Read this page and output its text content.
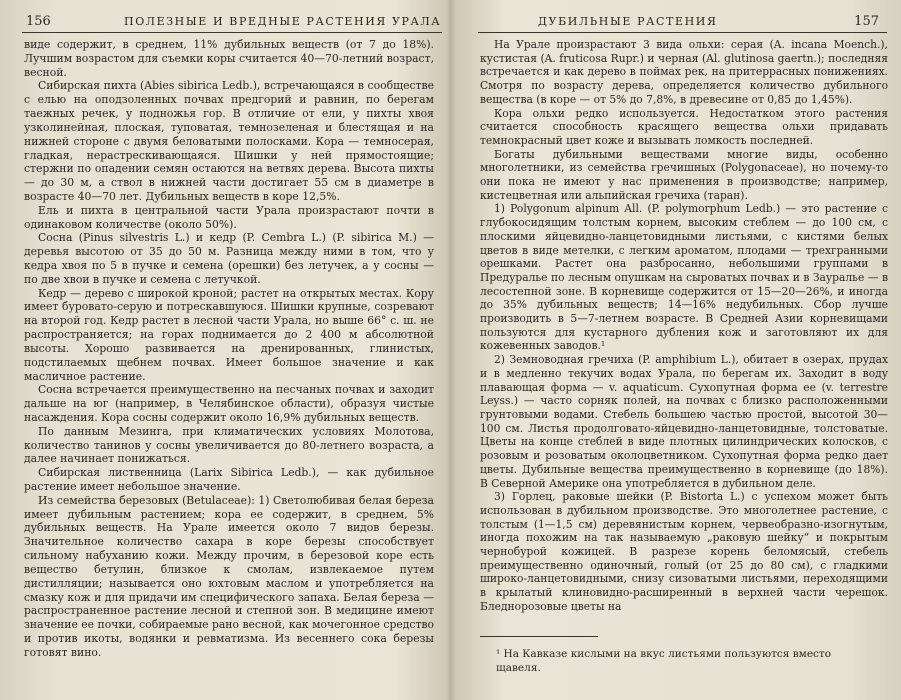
156	ПОЛЕЗНЫЕ И ВРЕДНЫЕ РАСТЕНИЯ УРАЛА

виде содержит, в среднем, 11% дубильных веществ (от 7 до 18%). Лучшим возрастом для съемки коры считается 40—70-летний возраст, весной.

Сибирская пихта (Abies sibirica Ledb.), встречающаяся в сообществе с елью на оподзоленных почвах предгорий и равнин, по берегам таежных речек, у подножья гор. В отличие от ели, у пихты хвоя узколинейная, плоская, туповатая, темнозеленая и блестящая и на нижней стороне с двумя беловатыми полосками. Кора — темносерая, гладкая, нерастрескивающаяся. Шишки у ней прямостоящие; стержни по опадении семян остаются на ветвях дерева. Высота пихты — до 30 м, а ствол в нижней части достигает 55 см в диаметре в возрасте 40—70 лет. Дубильных веществ в коре 12,5%.

Ель и пихта в центральной части Урала произрастают почти в одинаковом количестве (около 50%).

Сосна (Pinus silvestris L.) и кедр (P. Cembra L.) (P. sibirica M.) — деревья высотою от 35 до 50 м. Разница между ними в том, что у кедра хвоя по 5 в пучке и семена (орешки) без летучек, а у сосны — по две хвои в пучке и семена с летучкой.

Кедр — дерево с широкой кроной; растет на открытых местах. Кору имеет буровато-серую и потрескавшуюся. Шишки крупные, созревают на второй год. Кедр растет в лесной части Урала, но выше 66° с. ш. не распространяется; на горах поднимается до 2 400 м абсолютной высоты. Хорошо развивается на дренированных, глинистых, подстилаемых щебнем почвах. Имеет большое значение и как масличное растение.

Сосна встречается преимущественно на песчаных почвах и заходит дальше на юг (например, в Челябинское области), образуя чистые насаждения. Кора сосны содержит около 16,9% дубильных веществ.

По данным Мезинга, при климатических условиях Молотова, количество танинов у сосны увеличивается до 80-летнего возраста, а далее начинает понижаться.

Сибирская лиственница (Larix Sibirica Ledb.), — как дубильное растение имеет небольшое значение.

Из семейства березовых (Betulaceae): 1) Светолюбивая белая береза имеет дубильным растением; кора ее содержит, в среднем, 5% дубильных веществ. На Урале имеется около 7 видов березы. Значительное количество сахара в коре березы способствует сильному набуханию кожи. Между прочим, в березовой коре есть вещество бетулин, близкое к смолам, извлекаемое путем дистилляции; называется оно юхтовым маслом и употребляется на смазку кож и для придачи им специфического запаха. Белая береза — распространенное растение лесной и степной зон. В медицине имеют значение ее почки, собираемые рано весной, как мочегонное средство и против икоты, водянки и ревматизма. Из весеннего сока березы готовят вино.

ДУБИЛЬНЫЕ РАСТЕНИЯ	157

На Урале произрастают 3 вида ольхи: серая (A. incana Moench.), кустистая (A. fruticosa Rupr.) и черная (Al. glutinosa gaertn.); последняя встречается и как дерево в поймах рек, на притеррасных понижениях. Смотря по возрасту дерева, определяется количество дубильного вещества (в коре — от 5% до 7,8%, в древесине от 0,85 до 1,45%).

Кора ольхи редко используется. Недостатком этого растения считается способность красящего вещества ольхи придавать темнокрасный цвет коже и вызывать ломкость последней.

Богаты дубильными веществами многие виды, особенно многолетники, из семейства гречишных (Polygonaceae), но почему-то они пока не имеют у нас применения в производстве; например, кистецветная или альпийская гречиха (таран).

1) Polygonum alpinum All. (P. polymorphum Ledb.) — это растение с глубокосидящим толстым корнем, высоким стеблем — до 100 см, с плоскими яйцевидно-ланцетовидными листьями, с кистями белых цветов в виде метелки, с легким ароматом, плодами — трехгранными орешками. Растет она разбросанно, небольшими группами в Предуралье по лесным опушкам на сыроватых почвах и в Зауралье — в лесостепной зоне. В корневище содержится от 15—20—26%, и иногда до 35% дубильных веществ; 14—16% недубильных. Сбор лучше производить в 5—7-летнем возрасте. В Средней Азии корневищами пользуются для кустарного дубления кож и заготовляют их для кожевенных заводов.¹

2) Земноводная гречиха (P. amphibium L.), обитает в озерах, прудах и в медленно текучих водах Урала, по берегам их. Заходит в воду плавающая форма — v. aquaticum. Сухопутная форма ее (v. terrestre Leyss.) — часто сорняк полей, на почвах с близко расположенными грунтовыми водами. Стебель большею частью простой, высотой 30—100 см. Листья продолговато-яйцевидно-ланцетовидные, толстоватые. Цветы на конце стеблей в виде плотных цилиндрических колосков, с розовым и розоватым околоцветником. Сухопутная форма редко дает цветы. Дубильные вещества преимущественно в корневище (до 18%). В Северной Америке она употребляется в дубильном деле.

3) Горлец, раковые шейки (P. Bistorta L.) с успехом может быть использован в дубильном производстве. Это многолетнее растение, с толстым (1—1,5 см) деревянистым корнем, червеобразно-изогнутым, иногда похожим на так называемую „раковую шейку“ и покрытым чернобурой кожицей. В разрезе корень беломясый, стебель преимущественно одиночный, голый (от 25 до 80 см), с гладкими широко-ланцетовидными, снизу сизоватыми листьями, переходящими в крылатый клиновидно-расширенный в верхней части черешок. Бледнорозовые цветы на

¹ На Кавказе кислыми на вкус листьями пользуются вместо щавеля.
